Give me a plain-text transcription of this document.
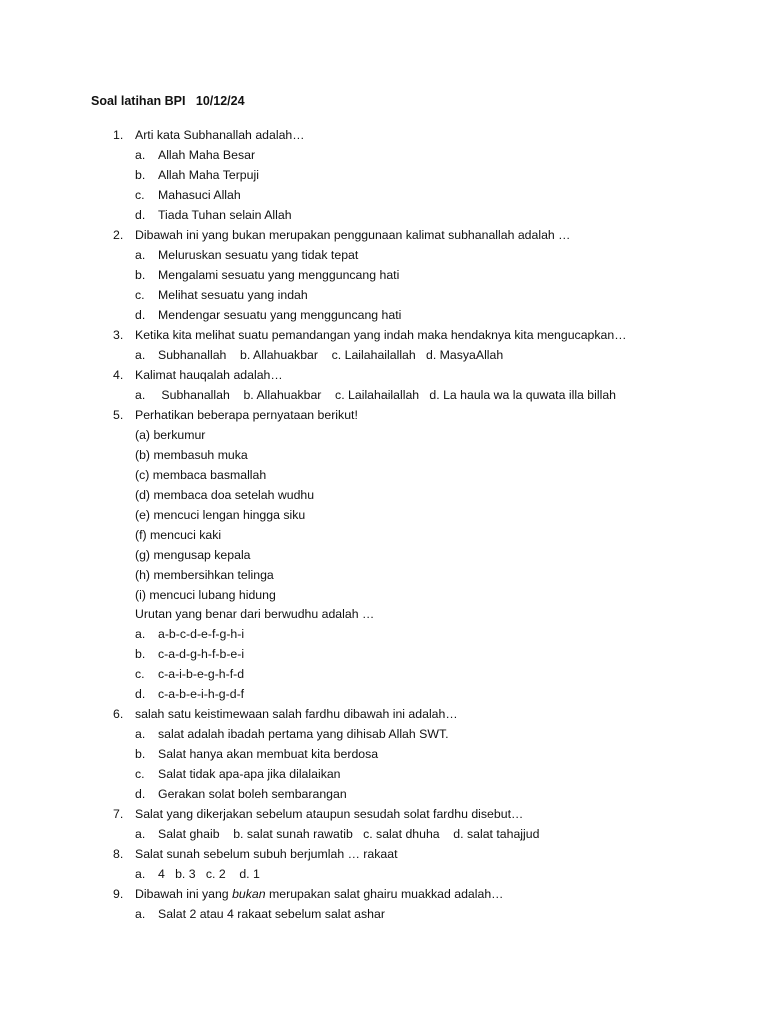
Soal latihan BPI   10/12/24
1. Arti kata Subhanallah adalah…
a. Allah Maha Besar
b. Allah Maha Terpuji
c. Mahasuci Allah
d. Tiada Tuhan selain Allah
2. Dibawah ini yang bukan merupakan penggunaan kalimat subhanallah adalah …
a. Meluruskan sesuatu yang tidak tepat
b. Mengalami sesuatu yang mengguncang hati
c. Melihat sesuatu yang indah
d. Mendengar sesuatu yang mengguncang hati
3. Ketika kita melihat suatu pemandangan yang indah maka hendaknya kita mengucapkan…
a. Subhanallah    b. Allahuakbar    c. Lailahailallah   d. MasyaAllah
4. Kalimat hauqalah adalah…
a. Subhanallah    b. Allahuakbar    c. Lailahailallah   d. La haula wa la quwata illa billah
5. Perhatikan beberapa pernyataan berikut!
(a) berkumur
(b) membasuh muka
(c) membaca basmallah
(d) membaca doa setelah wudhu
(e) mencuci lengan hingga siku
(f) mencuci kaki
(g) mengusap kepala
(h) membersihkan telinga
(i) mencuci lubang hidung
Urutan yang benar dari berwudhu adalah …
a. a-b-c-d-e-f-g-h-i
b. c-a-d-g-h-f-b-e-i
c. c-a-i-b-e-g-h-f-d
d. c-a-b-e-i-h-g-d-f
6. salah satu keistimewaan salah fardhu dibawah ini adalah…
a. salat adalah ibadah pertama yang dihisab Allah SWT.
b. Salat hanya akan membuat kita berdosa
c. Salat tidak apa-apa jika dilalaikan
d. Gerakan solat boleh sembarangan
7. Salat yang dikerjakan sebelum ataupun sesudah solat fardhu disebut…
a. Salat ghaib    b. salat sunah rawatib   c. salat dhuha    d. salat tahajjud
8. Salat sunah sebelum subuh berjumlah … rakaat
a. 4   b. 3   c. 2    d. 1
9. Dibawah ini yang bukan merupakan salat ghairu muakkad adalah…
a. Salat 2 atau 4 rakaat sebelum salat ashar
